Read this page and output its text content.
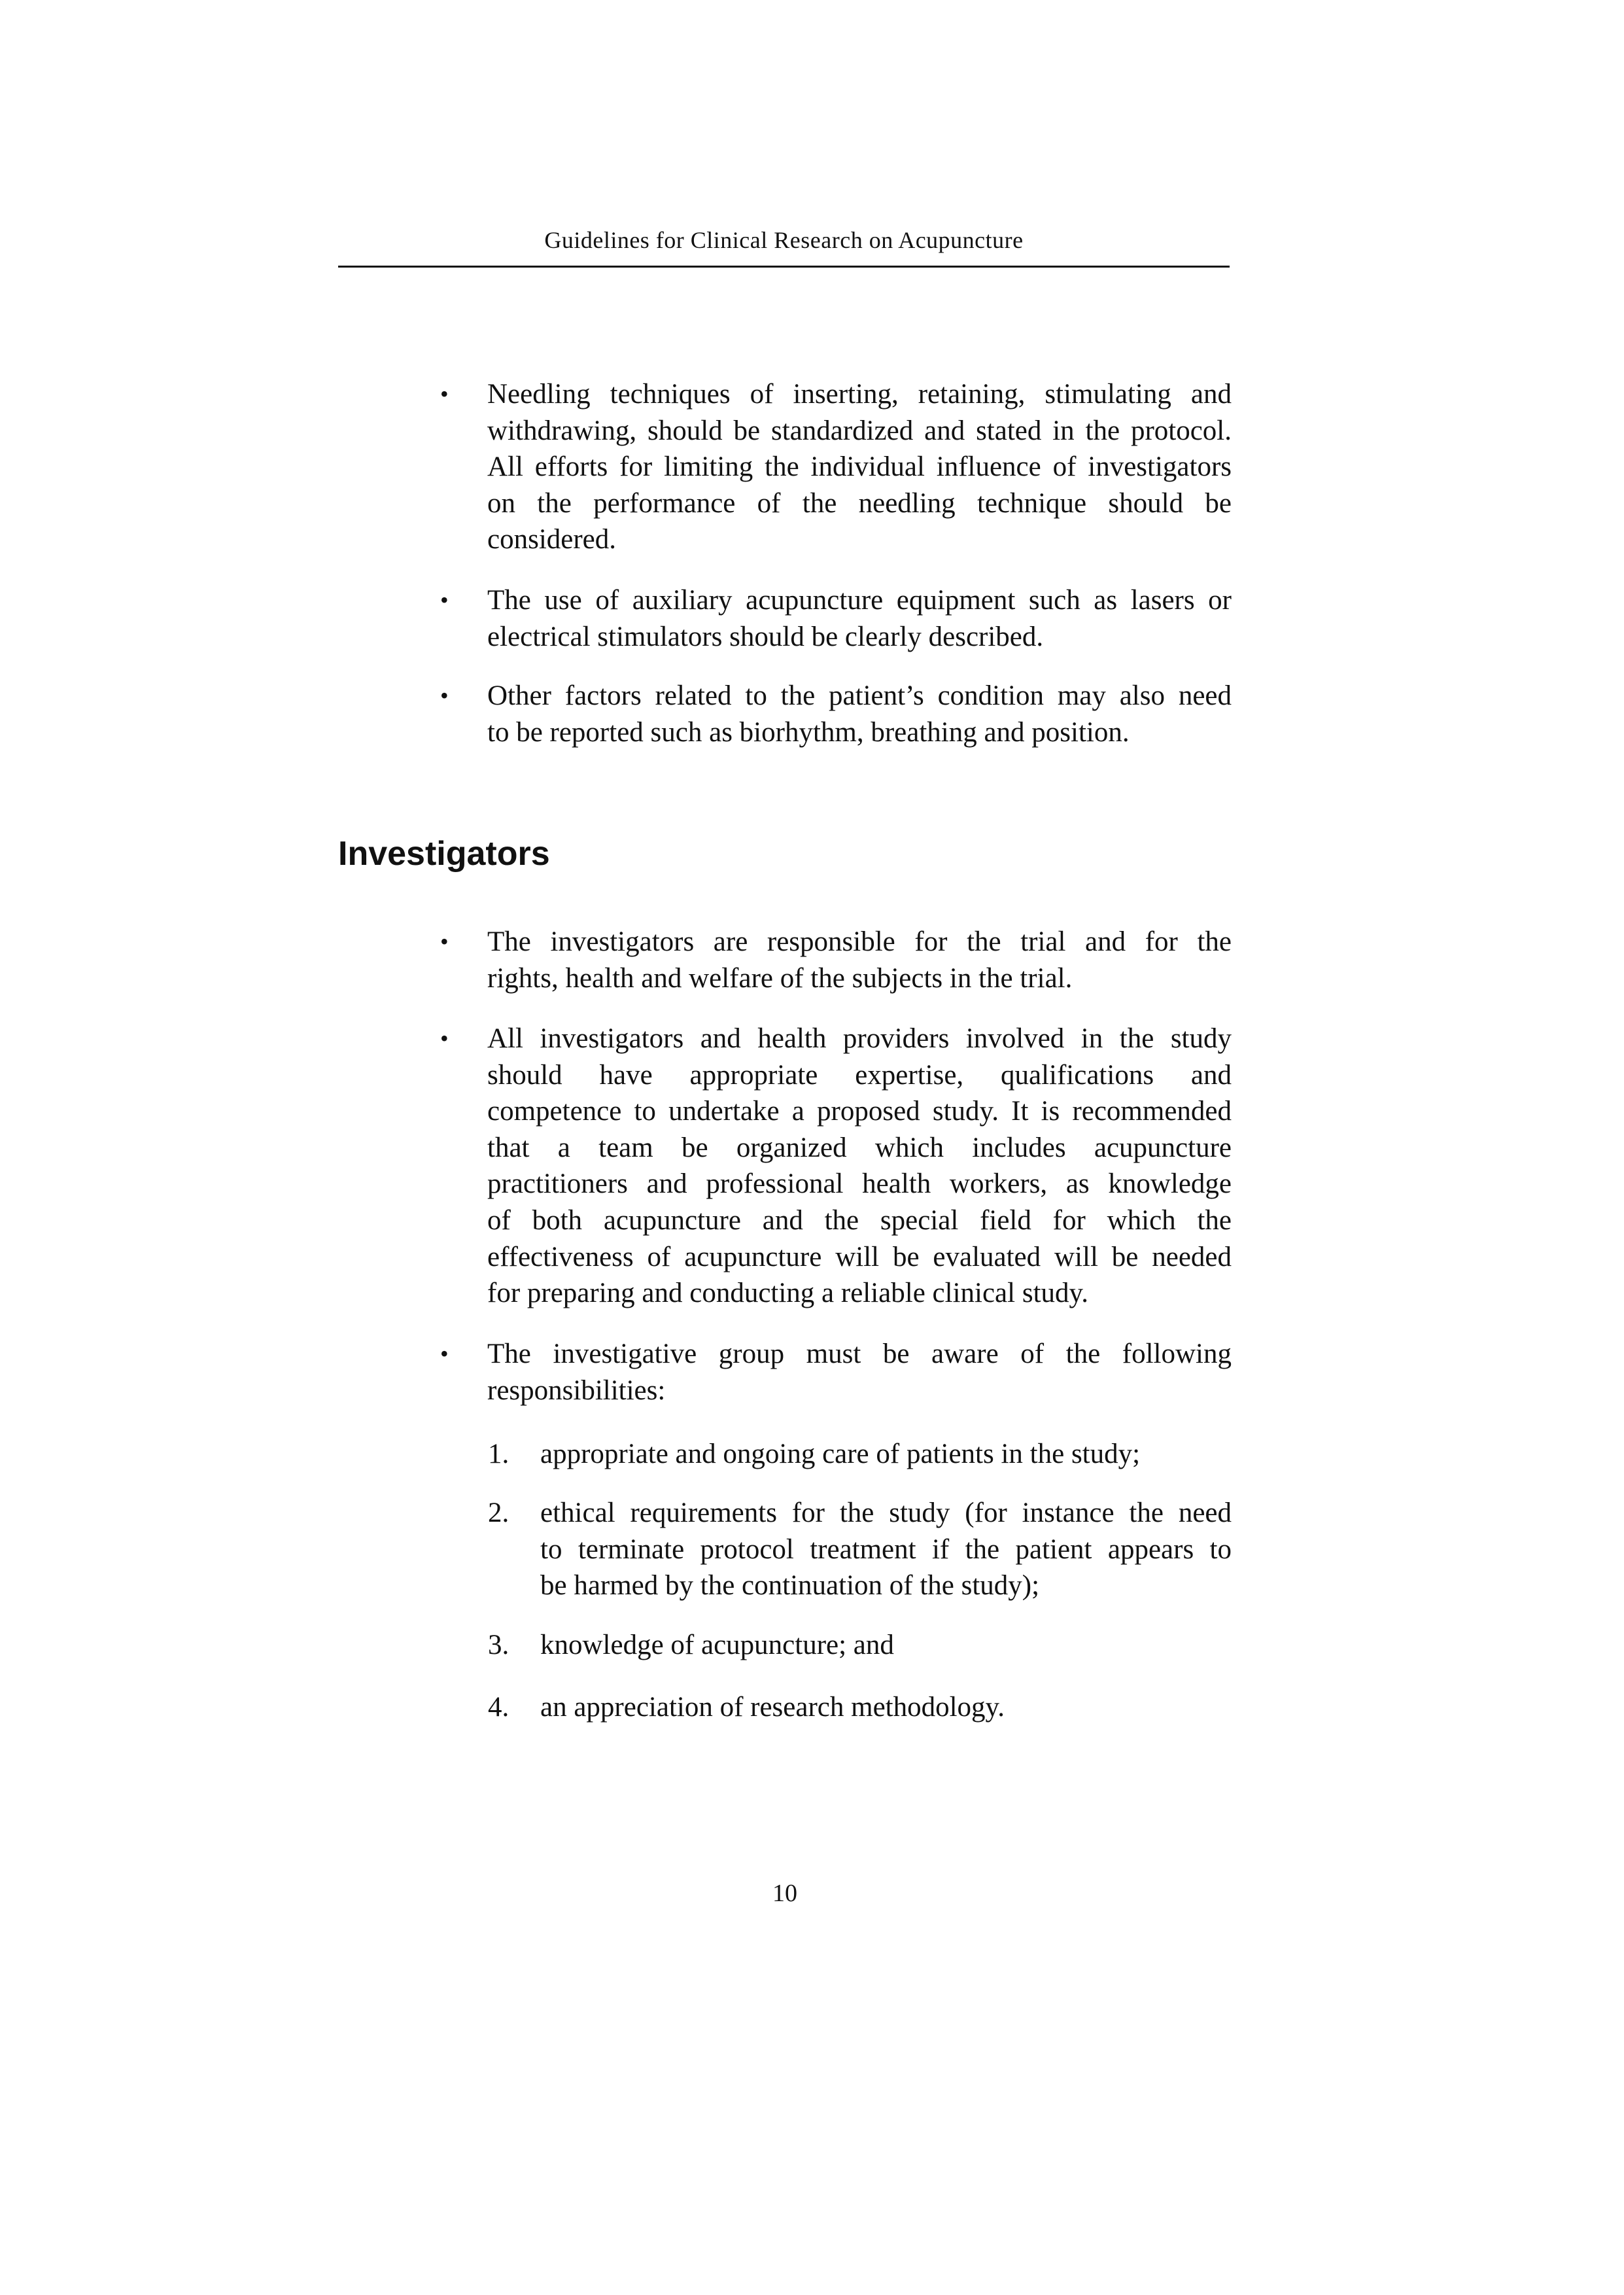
Guidelines for Clinical Research on Acupuncture
• Needling techniques of inserting, retaining, stimulating and
withdrawing, should be standardized and stated in the protocol.
All efforts for limiting the individual influence of investigators
on the performance of the needling technique should be
considered.
• The use of auxiliary acupuncture equipment such as lasers or
electrical stimulators should be clearly described.
• Other factors related to the patient’s condition may also need
to be reported such as biorhythm, breathing and position.
Investigators
• The investigators are responsible for the trial and for the
rights, health and welfare of the subjects in the trial.
• All investigators and health providers involved in the study
should have appropriate expertise, qualifications and
competence to undertake a proposed study. It is recommended
that a team be organized which includes acupuncture
practitioners and professional health workers, as knowledge
of both acupuncture and the special field for which the
effectiveness of acupuncture will be evaluated will be needed
for preparing and conducting a reliable clinical study.
• The investigative group must be aware of the following
responsibilities:
1. appropriate and ongoing care of patients in the study;
2. ethical requirements for the study (for instance the need
to terminate protocol treatment if the patient appears to
be harmed by the continuation of the study);
3. knowledge of acupuncture; and
4. an appreciation of research methodology.
10
